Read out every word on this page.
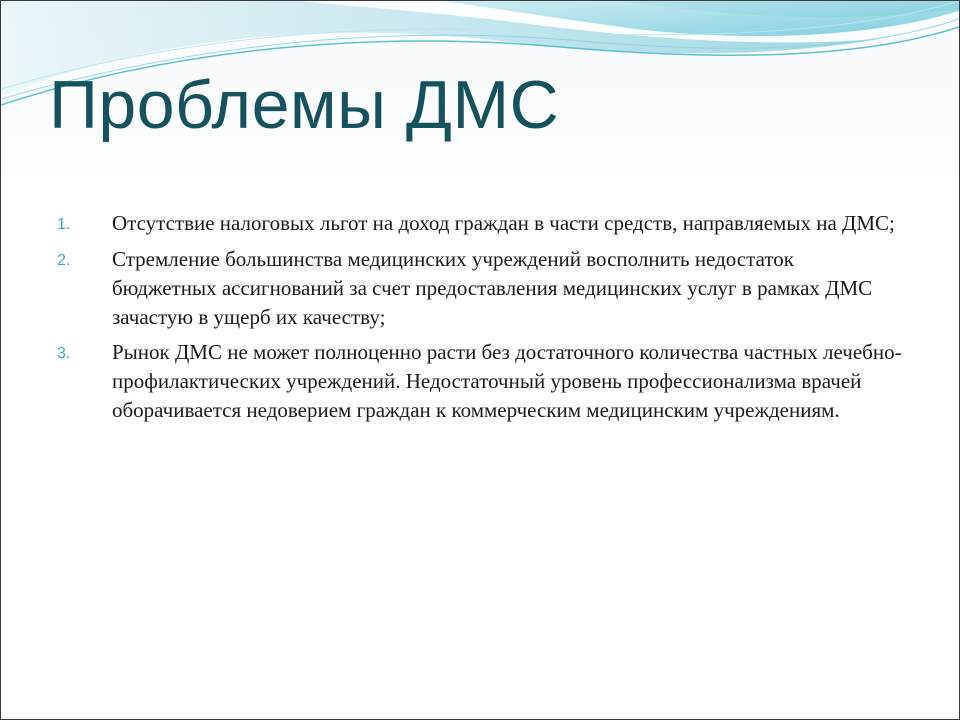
Проблемы ДМС
1.	Отсутствие налоговых льгот на доход граждан в части средств, направляемых на ДМС;
2.	Стремление большинства медицинских учреждений восполнить недостаток бюджетных ассигнований за счет предоставления медицинских услуг в рамках ДМС зачастую в ущерб их качеству;
3.	Рынок ДМС не может полноценно расти без достаточного количества частных лечебно-профилактических учреждений. Недостаточный уровень профессионализма врачей оборачивается недоверием граждан к коммерческим медицинским учреждениям.
